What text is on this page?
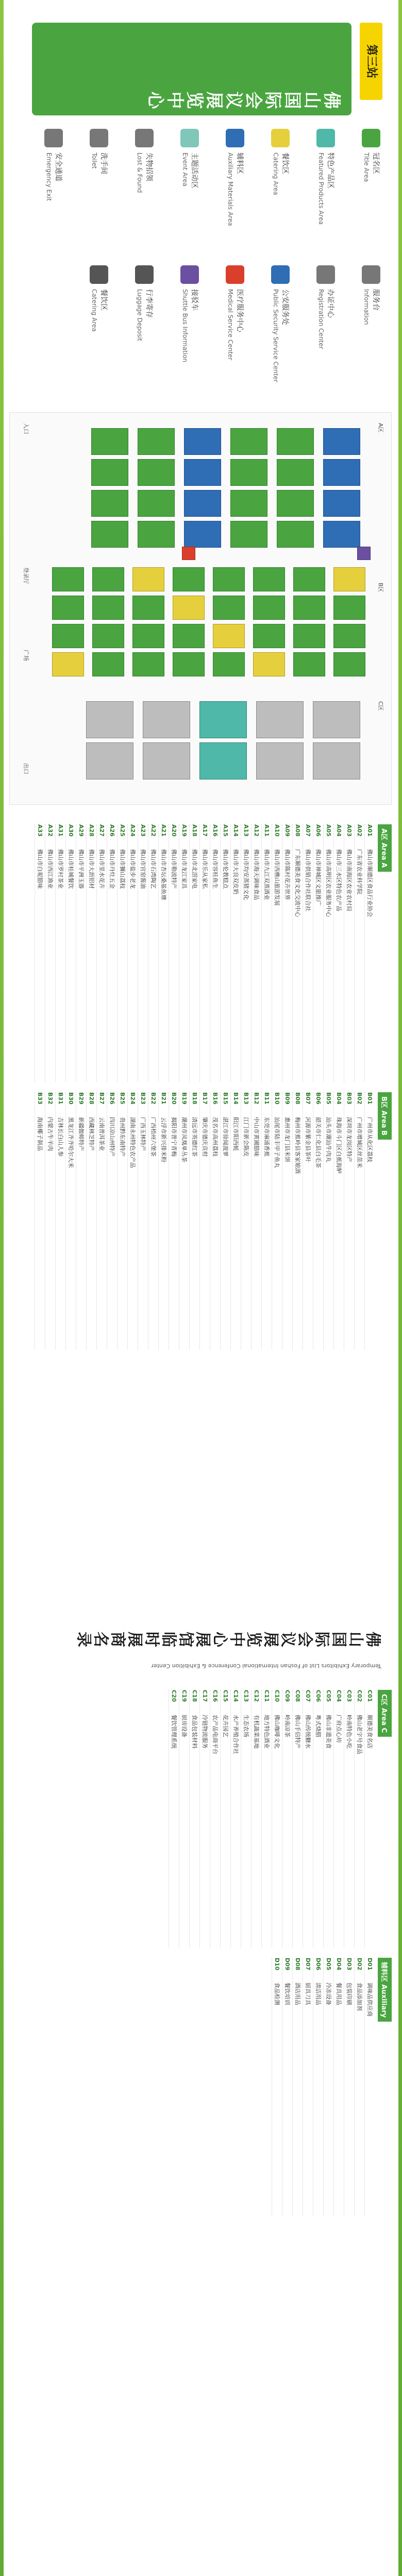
第三站
佛山国际会议展览中心
冠名区
Title Area
特色产品区
Featured Products Area
餐饮区
Catering Area
辅料区
Auxiliary Materials Area
主题活动区
Event Area
失物招领
Lost & Found
洗手间
Toilet
安全通道
Emergency Exit
服务台
Information
办证中心
Registration Center
公安服务处
Public Security Service Center
医疗服务中心
Medical Service Center
接驳车
Shuttle Bus Information
行李寄存
Luggage Deposit
餐饮区
Catering Area
A区
B区
C区
入口
出口
登录厅
广场
A区 Area A
A01
佛山市顺德区食品行业协会
A02
广东省农业科学院
A03
佛山市南海区农业农村局
A04
佛山市三水区特色农产品
A05
佛山市高明区农业服务中心
A06
佛山市禅城区文旅推广
A07
佛山市供销合作社联合社
A08
广东顺德美食文化交流中心
A09
佛山市陈村花卉世界
A10
佛山市西樵山旅游发展
A11
佛山市九江双蒸酒业
A12
佛山市海天调味食品
A13
佛山市均安蒸猪文化
A14
佛山市大良双皮奶
A15
佛山市伦教糕点
A16
佛山市容桂鱼生
A17
佛山市乐从家私
A18
佛山市北滘家电
A19
佛山市龙江家具
A20
佛山市勒流特产
A21
佛山市杏坛桑基鱼塘
A22
佛山市石湾陶艺
A23
佛山市官窑酱油
A24
佛山市盐步老龙
A25
佛山市狮山荔枝
A26
佛山市丹灶五金
A27
佛山市里水花卉
A28
佛山市大沥铝材
A29
佛山市平洲玉器
A30
佛山市桂城餐饮
A31
佛山市罗村茶业
A32
佛山市西江渔业
A33
佛山市白坭腊味
B区 Area B
B01
广州市从化区荔枝
B02
广州市增城区丝苗米
B03
深圳市龙岗区特产
B04
珠海市斗门区白蕉海鲈
B05
汕头市潮汕牛肉丸
B06
韶关市仁化县白毛茶
B07
河源市紫金县茶叶
B08
梅州市蕉岭县客家娘酒
B09
惠州市龙门县米饼
B10
汕尾市陆丰甲子鱼丸
B11
东莞市麻涌香蕉
B12
中山市黄圃腊味
B13
江门市新会陈皮
B14
阳江市阳西蚝
B15
湛江市徐闻菠萝
B16
茂名市高州荔枝
B17
肇庆市德庆贡柑
B18
清远市英德红茶
B19
潮州市凤凰单丛茶
B20
揭阳市普宁青梅
B21
云浮市新兴排米粉
B22
广西梧州六堡茶
B23
广西玉林特产
B24
湖南永州特色农产品
B25
贵州黔东南特产
B26
四川凉山州特产
B27
云南普洱茶业
B28
西藏林芝特产
B29
新疆伽师特产
B30
黑龙江齐齐哈尔大米
B31
吉林长白山人参
B32
内蒙古牛羊肉
B33
海南椰子制品
佛山国际会议展览中心展馆临时展商名录
Temporary Exhibitors List of Foshan International Conference & Exhibition Center
C区 Area C
C01
顺德美食名店
C02
佛山老字号食品
C03
岭南特色小吃
C04
广府点心坊
C05
佛山非遗美食
C06
粤式烧腊
C07
佛山传统糖水
C08
佛山手信特产
C09
岭南凉茶
C10
佛山咖啡文化
C11
地方特色酒业
C12
有机蔬菜基地
C13
生态农场
C14
水产养殖合作社
C15
花卉园艺
C16
农产品电商平台
C17
冷链物流服务
C18
食品包装材料
C19
厨房设备
C20
餐饮管理系统
辅料区 Auxiliary
D01
调味品供应商
D02
食品添加剂
D03
包装印刷
D04
餐具用品
D05
冷冻设备
D06
清洁用品
D07
厨具刀具
D08
酒店用品
D09
餐饮培训
D10
食品检测
